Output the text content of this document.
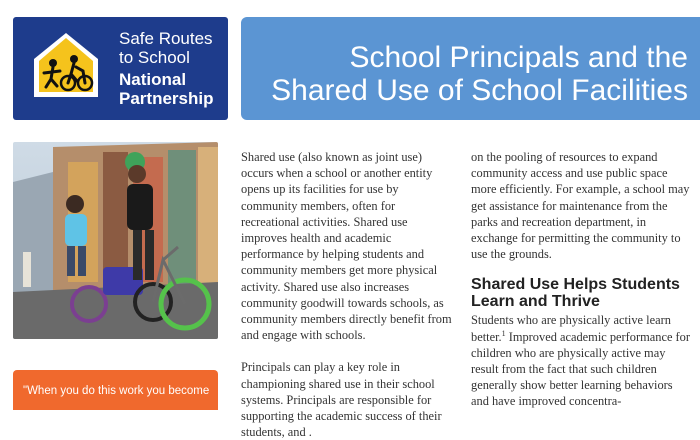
Safe Routes
to School
National
Partnership
School Principals and the
Shared Use of School Facilities
"When you do this work you become

Shared use (also known as joint use) occurs when a school or another entity opens up its facilities for use by community members, often for recreational activities. Shared use improves health and academic performance by helping students and community members get more physical activity. Shared use also increases community goodwill towards schools, as community members directly benefit from and engage with schools.

Principals can play a key role in championing shared use in their school systems. Principals are responsible for supporting the academic success of their students, and .

on the pooling of resources to expand community access and use public space more efficiently. For example, a school may get assistance for maintenance from the parks and recreation department, in exchange for permitting the community to use the grounds.

Shared Use Helps Students Learn and Thrive

Students who are physically active learn better.$^1$ Improved academic performance for children who are physically active may result from the fact that such children generally show better learning behaviors and have improved concentra-
